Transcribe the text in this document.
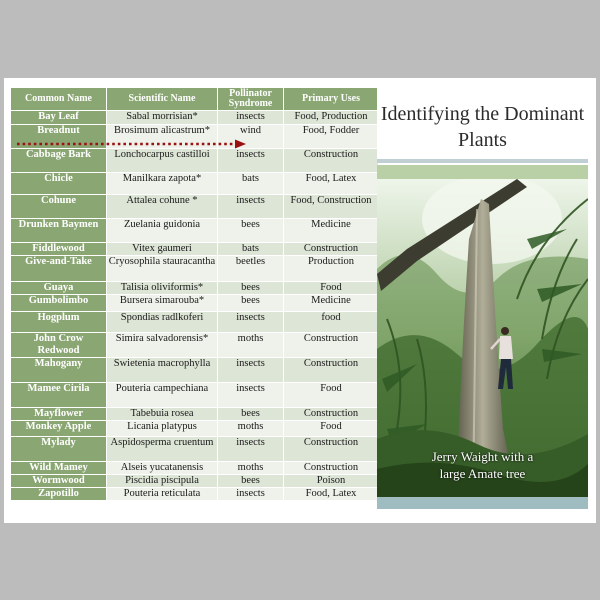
Common Name	Scientific Name	Pollinator Syndrome	Primary Uses
Bay Leaf	Sabal morrisian*	insects	Food, Production
Breadnut	Brosimum alicastrum*	wind	Food, Fodder
Cabbage Bark	Lonchocarpus castilloi	insects	Construction
Chicle	Manilkara zapota*	bats	Food, Latex
Cohune	Attalea cohune *	insects	Food, Construction
Drunken Baymen	Zuelania guidonia	bees	Medicine
Fiddlewood	Vitex gaumeri	bats	Construction
Give-and-Take	Cryosophila stauracantha	beetles	Production
Guaya	Talisia oliviformis*	bees	Food
Gumbolimbo	Bursera simarouba*	bees	Medicine
Hogplum	Spondias radlkoferi	insects	food
John Crow Redwood	Simira salvadorensis*	moths	Construction
Mahogany	Swietenia macrophylla	insects	Construction
Mamee Cirila	Pouteria campechiana	insects	Food
Mayflower	Tabebuia rosea	bees	Construction
Monkey Apple	Licania platypus	moths	Food
Mylady	Aspidosperma cruentum	insects	Construction
Wild Mamey	Alseis yucatanensis	moths	Construction
Wormwood	Piscidia piscipula	bees	Poison
Zapotillo	Pouteria reticulata	insects	Food, Latex
Identifying the Dominant Plants
Jerry Waight with a
large Amate tree
